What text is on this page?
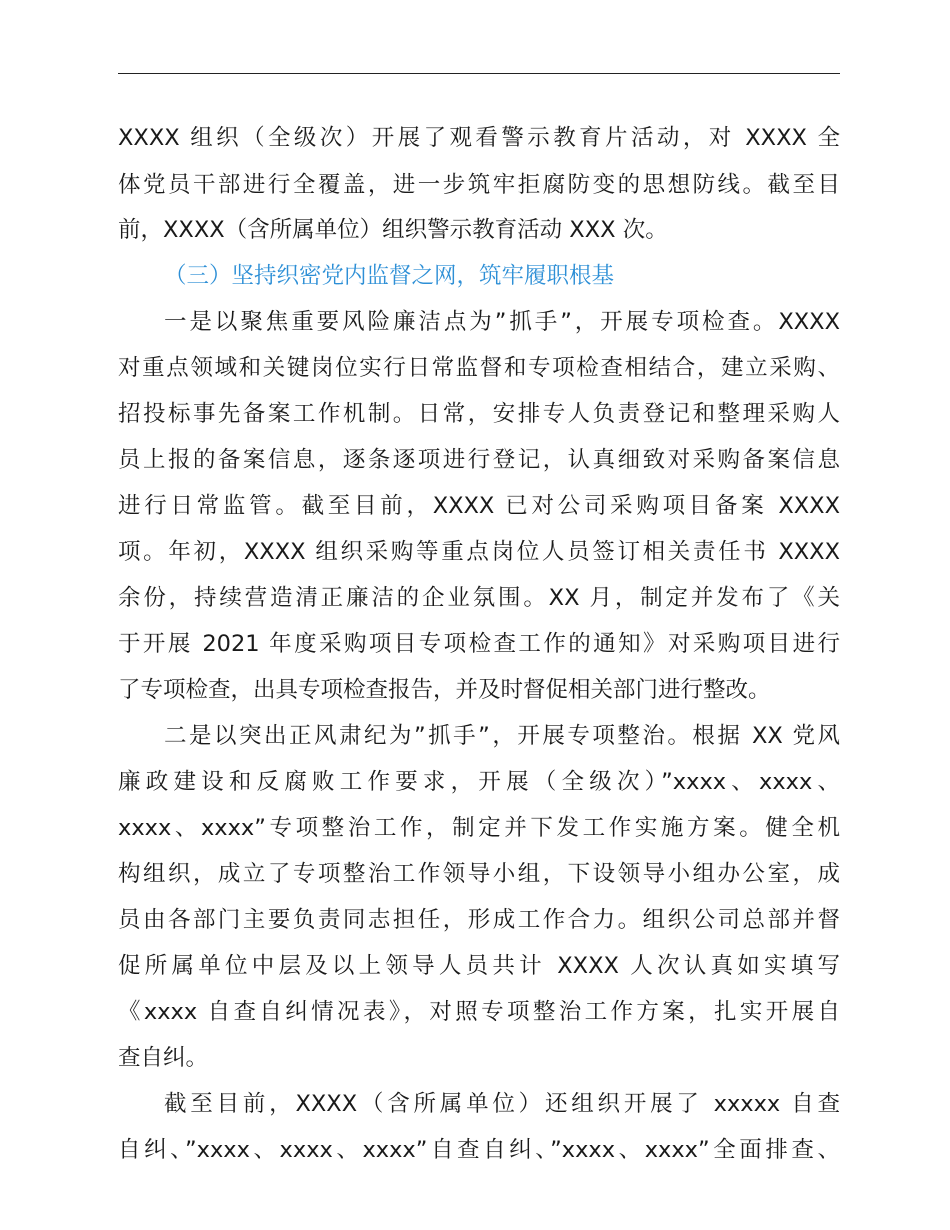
XXXX 组织（全级次）开展了观看警示教育片活动，对 XXXX 全
体党员干部进行全覆盖，进一步筑牢拒腐防变的思想防线。截至目
前，XXXX（含所属单位）组织警示教育活动 XXX 次。
（三）坚持织密党内监督之网，筑牢履职根基
一是以聚焦重要风险廉洁点为”抓手”，开展专项检查。XXXX
对重点领域和关键岗位实行日常监督和专项检查相结合，建立采购、
招投标事先备案工作机制。日常，安排专人负责登记和整理采购人
员上报的备案信息，逐条逐项进行登记，认真细致对采购备案信息
进行日常监管。截至目前，XXXX 已对公司采购项目备案 XXXX
项。年初，XXXX 组织采购等重点岗位人员签订相关责任书 XXXX
余份，持续营造清正廉洁的企业氛围。XX 月，制定并发布了《关
于开展 2021 年度采购项目专项检查工作的通知》对采购项目进行
了专项检查，出具专项检查报告，并及时督促相关部门进行整改。
二是以突出正风肃纪为”抓手”，开展专项整治。根据 XX 党风
廉政建设和反腐败工作要求，开展（全级次）”xxxx、xxxx、
xxxx、xxxx”专项整治工作，制定并下发工作实施方案。健全机
构组织，成立了专项整治工作领导小组，下设领导小组办公室，成
员由各部门主要负责同志担任，形成工作合力。组织公司总部并督
促所属单位中层及以上领导人员共计 XXXX 人次认真如实填写
《xxxx 自查自纠情况表》，对照专项整治工作方案，扎实开展自
查自纠。
截至目前，XXXX（含所属单位）还组织开展了 xxxxx 自查
自纠、”xxxx、xxxx、xxxx”自查自纠、”xxxx、xxxx”全面排查、
